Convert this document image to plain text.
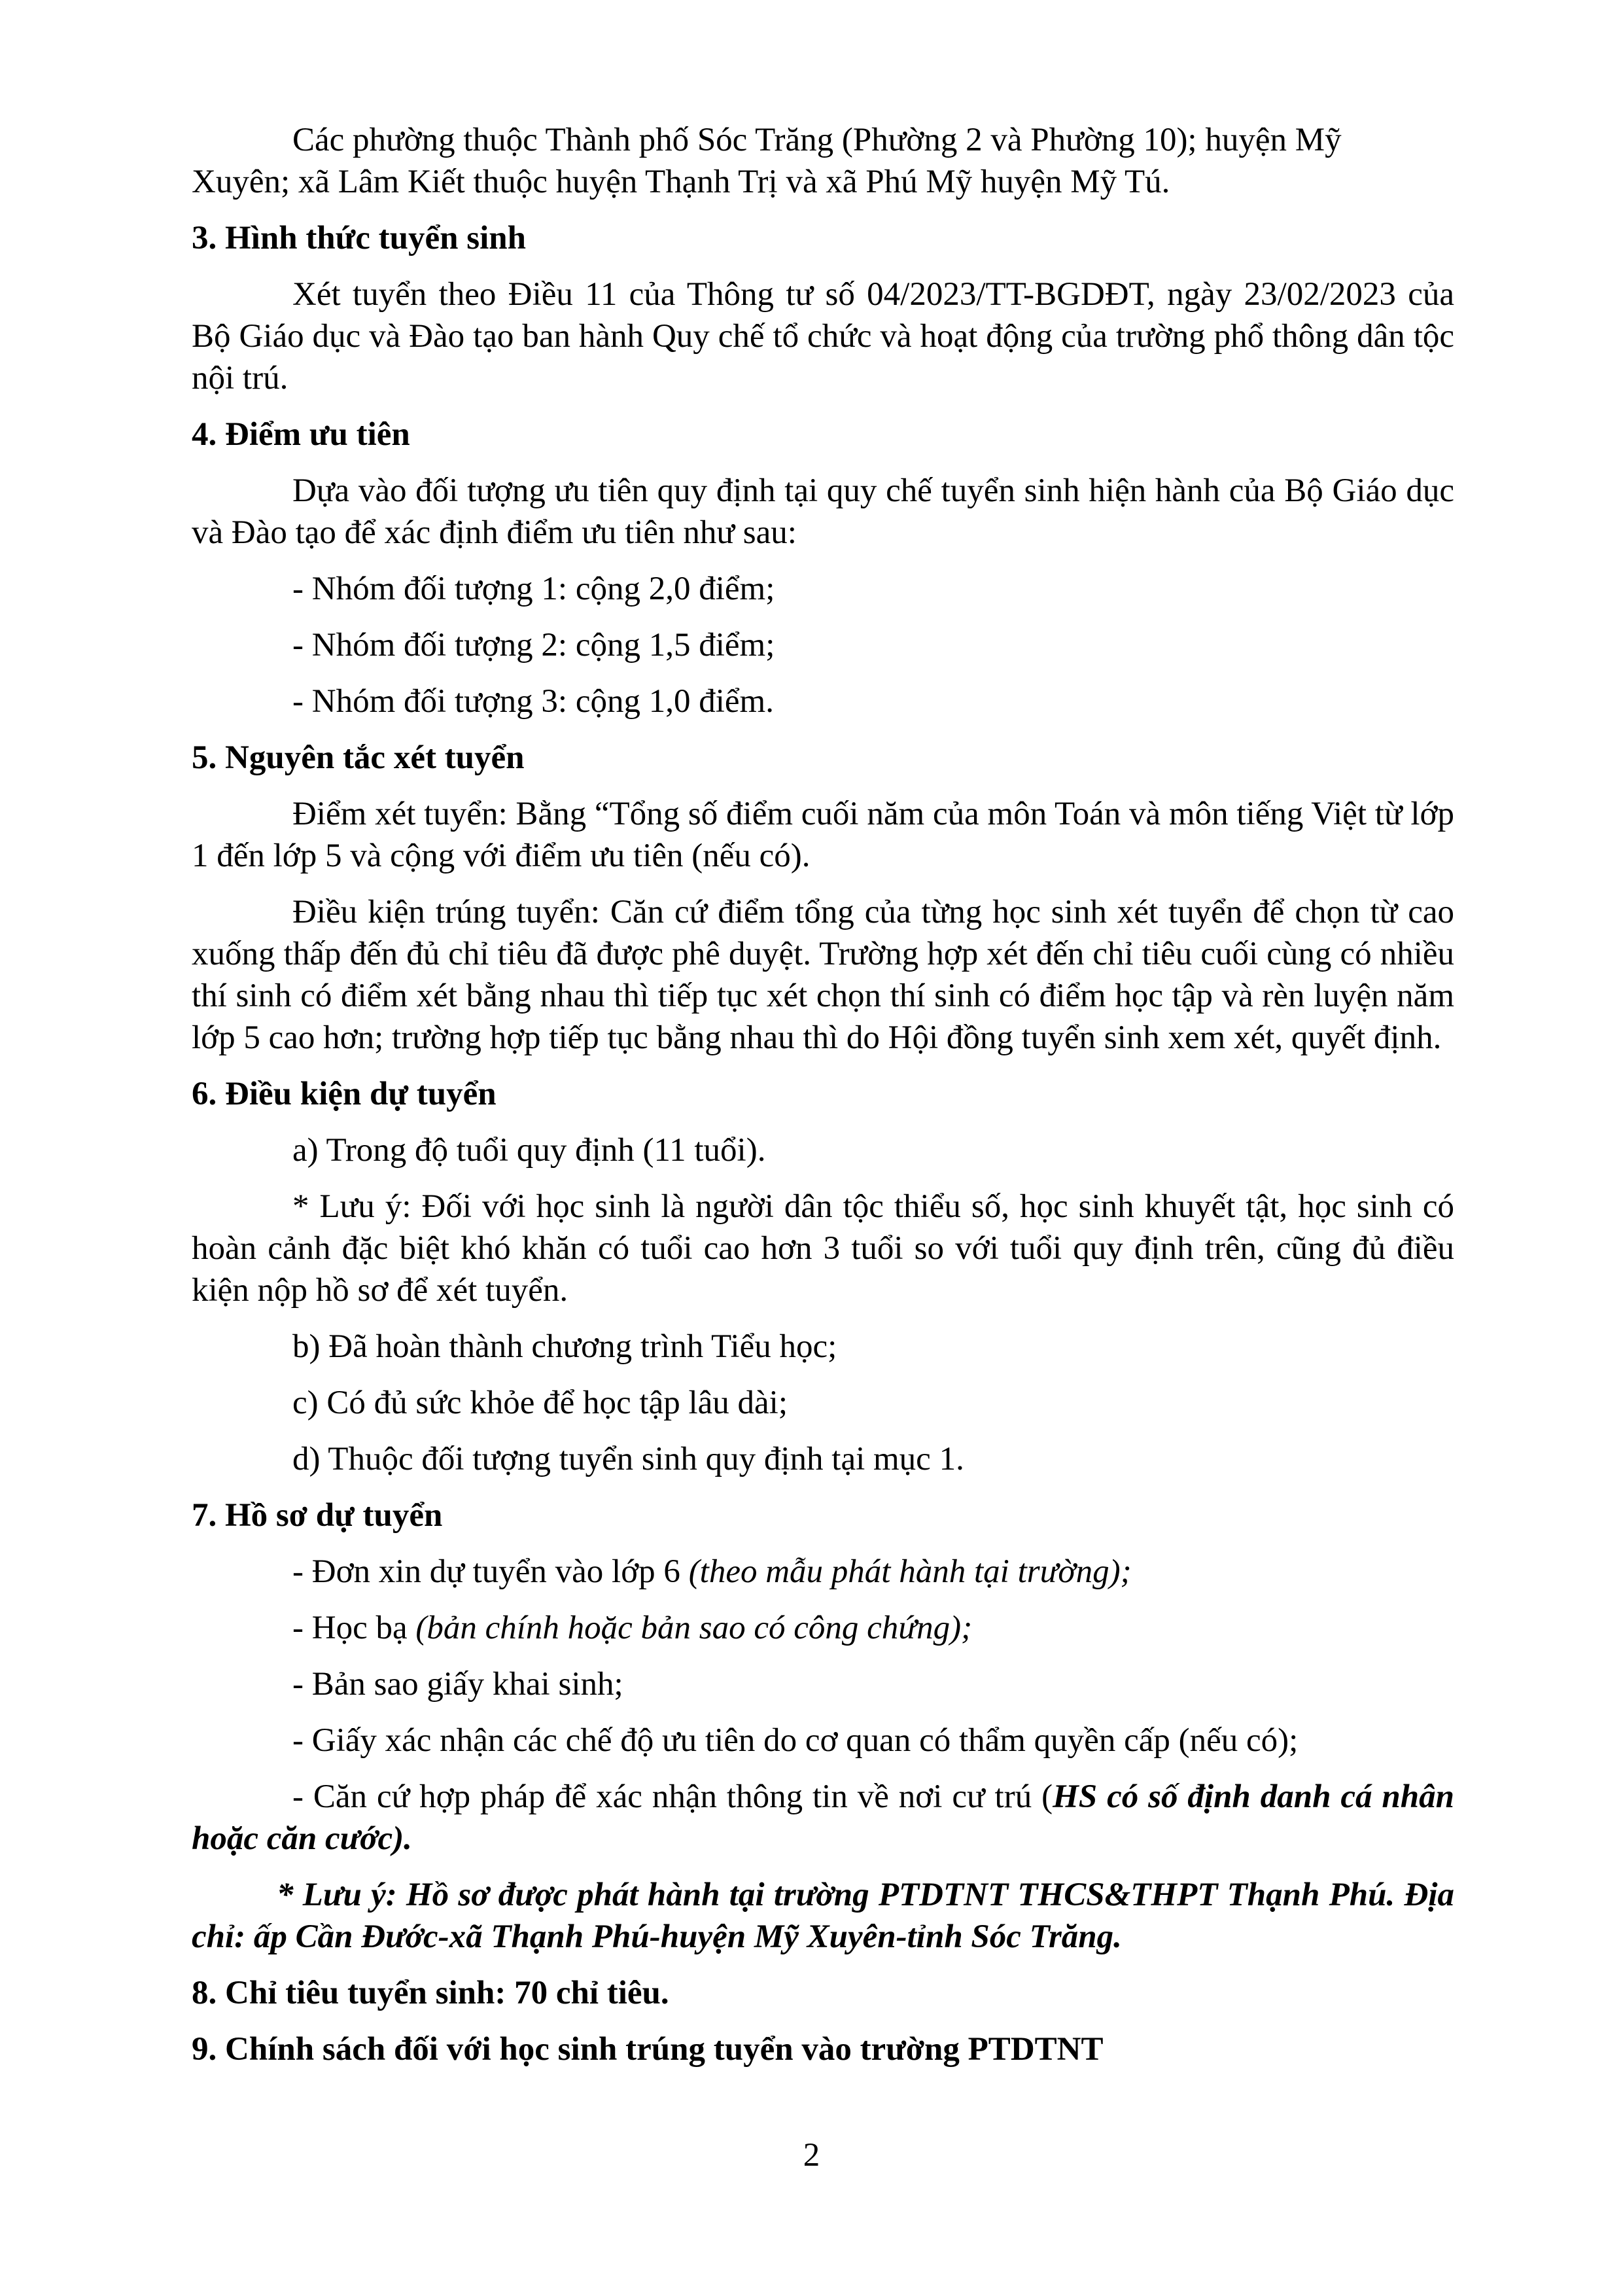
Các phường thuộc Thành phố Sóc Trăng (Phường 2 và Phường 10); huyện Mỹ

Xuyên; xã Lâm Kiết thuộc huyện Thạnh Trị và xã Phú Mỹ huyện Mỹ Tú.

3. Hình thức tuyển sinh

Xét tuyển theo Điều 11 của Thông tư số 04/2023/TT-BGDĐT, ngày 23/02/2023 của Bộ Giáo dục và Đào tạo ban hành Quy chế tổ chức và hoạt động của trường phổ thông dân tộc nội trú.

4. Điểm ưu tiên

Dựa vào đối tượng ưu tiên quy định tại quy chế tuyển sinh hiện hành của Bộ Giáo dục và Đào tạo để xác định điểm ưu tiên như sau:

- Nhóm đối tượng 1: cộng 2,0 điểm;

- Nhóm đối tượng 2: cộng 1,5 điểm;

- Nhóm đối tượng 3: cộng 1,0 điểm.

5. Nguyên tắc xét tuyển

Điểm xét tuyển: Bằng “Tổng số điểm cuối năm của môn Toán và môn tiếng Việt từ lớp 1 đến lớp 5 và cộng với điểm ưu tiên (nếu có).

Điều kiện trúng tuyển: Căn cứ điểm tổng của từng học sinh xét tuyển để chọn từ cao xuống thấp đến đủ chỉ tiêu đã được phê duyệt. Trường hợp xét đến chỉ tiêu cuối cùng có nhiều thí sinh có điểm xét bằng nhau thì tiếp tục xét chọn thí sinh có điểm học tập và rèn luyện năm lớp 5 cao hơn; trường hợp tiếp tục bằng nhau thì do Hội đồng tuyển sinh xem xét, quyết định.

6. Điều kiện dự tuyển

a) Trong độ tuổi quy định (11 tuổi).

* Lưu ý: Đối với học sinh là người dân tộc thiểu số, học sinh khuyết tật, học sinh có hoàn cảnh đặc biệt khó khăn có tuổi cao hơn 3 tuổi so với tuổi quy định trên, cũng đủ điều kiện nộp hồ sơ để xét tuyển.

b) Đã hoàn thành chương trình Tiểu học;

c) Có đủ sức khỏe để học tập lâu dài;

d) Thuộc đối tượng tuyển sinh quy định tại mục 1.

7. Hồ sơ dự tuyển

- Đơn xin dự tuyển vào lớp 6 (theo mẫu phát hành tại trường);

- Học bạ (bản chính hoặc bản sao có công chứng);

- Bản sao giấy khai sinh;

- Giấy xác nhận các chế độ ưu tiên do cơ quan có thẩm quyền cấp (nếu có);

- Căn cứ hợp pháp để xác nhận thông tin về nơi cư trú (HS có số định danh cá nhân hoặc căn cước).

* Lưu ý: Hồ sơ được phát hành tại trường PTDTNT THCS&THPT Thạnh Phú. Địa chỉ: ấp Cần Đước-xã Thạnh Phú-huyện Mỹ Xuyên-tỉnh Sóc Trăng.

8. Chỉ tiêu tuyển sinh: 70 chỉ tiêu.

9. Chính sách đối với học sinh trúng tuyển vào trường PTDTNT

2
